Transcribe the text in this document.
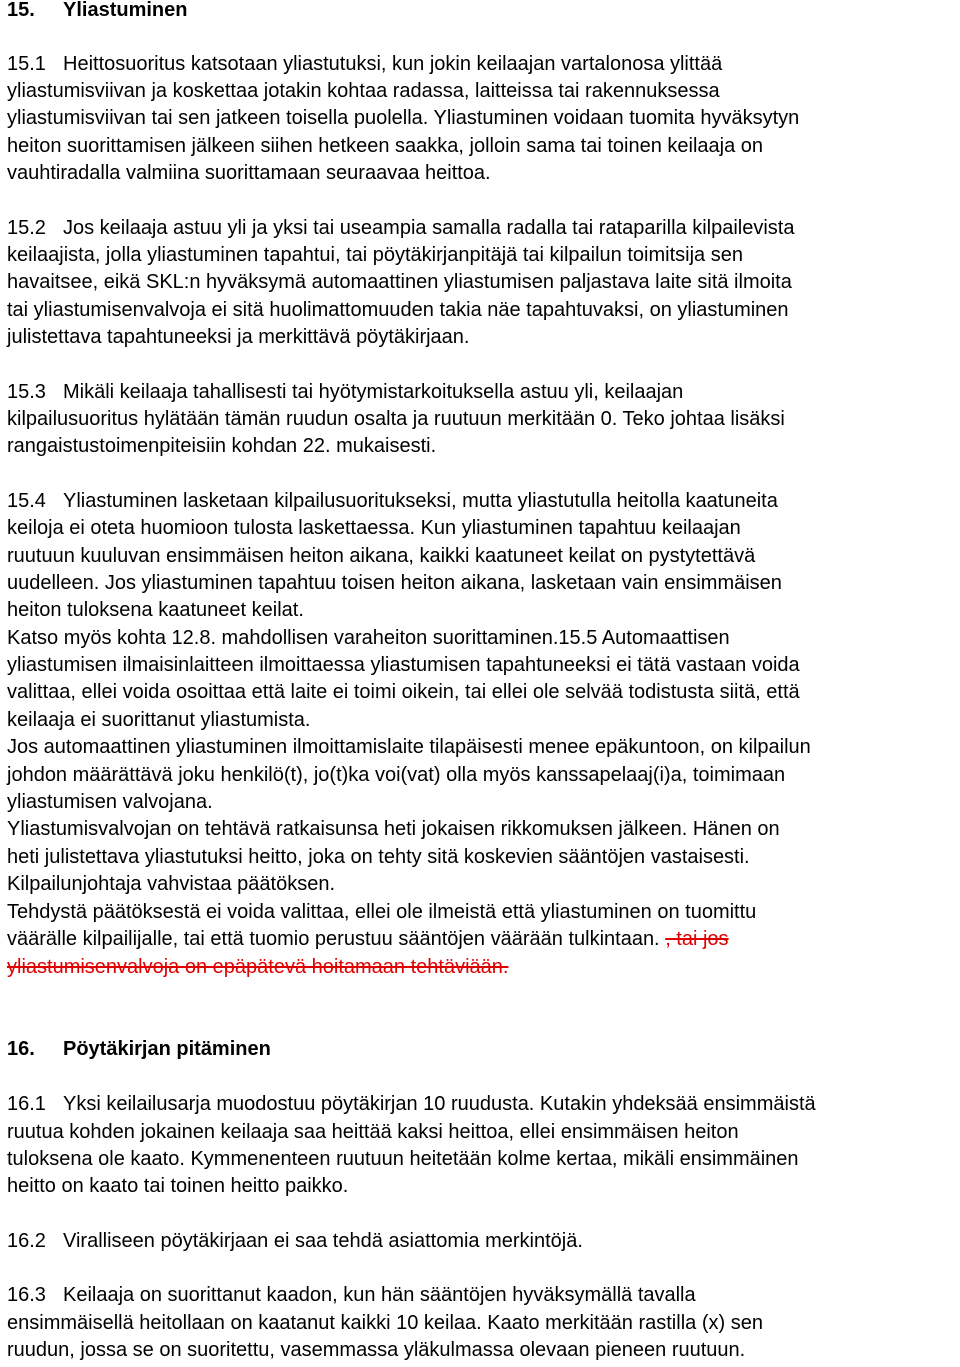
15. Yliastuminen
15.1 Heittosuoritus katsotaan yliastutuksi, kun jokin keilaajan vartalonosa ylittää
yliastumisviivan ja koskettaa jotakin kohtaa radassa, laitteissa tai rakennuksessa
yliastumisviivan tai sen jatkeen toisella puolella. Yliastuminen voidaan tuomita hyväksytyn
heiton suorittamisen jälkeen siihen hetkeen saakka, jolloin sama tai toinen keilaaja on
vauhtiradalla valmiina suorittamaan seuraavaa heittoa.
15.2 Jos keilaaja astuu yli ja yksi tai useampia samalla radalla tai rataparilla kilpailevista
keilaajista, jolla yliastuminen tapahtui, tai pöytäkirjanpitäjä tai kilpailun toimitsija sen
havaitsee, eikä SKL:n hyväksymä automaattinen yliastumisen paljastava laite sitä ilmoita
tai yliastumisenvalvoja ei sitä huolimattomuuden takia näe tapahtuvaksi, on yliastuminen
julistettava tapahtuneeksi ja merkittävä pöytäkirjaan.
15.3 Mikäli keilaaja tahallisesti tai hyötymistarkoituksella astuu yli, keilaajan
kilpailusuoritus hylätään tämän ruudun osalta ja ruutuun merkitään 0. Teko johtaa lisäksi
rangaistustoimenpiteisiin kohdan 22. mukaisesti.
15.4 Yliastuminen lasketaan kilpailusuoritukseksi, mutta yliastutulla heitolla kaatuneita
keiloja ei oteta huomioon tulosta laskettaessa. Kun yliastuminen tapahtuu keilaajan
ruutuun kuuluvan ensimmäisen heiton aikana, kaikki kaatuneet keilat on pystytettävä
uudelleen. Jos yliastuminen tapahtuu toisen heiton aikana, lasketaan vain ensimmäisen
heiton tuloksena kaatuneet keilat.
Katso myös kohta 12.8. mahdollisen varaheiton suorittaminen.15.5 Automaattisen
yliastumisen ilmaisinlaitteen ilmoittaessa yliastumisen tapahtuneeksi ei tätä vastaan voida
valittaa, ellei voida osoittaa että laite ei toimi oikein, tai ellei ole selvää todistusta siitä, että
keilaaja ei suorittanut yliastumista.
Jos automaattinen yliastuminen ilmoittamislaite tilapäisesti menee epäkuntoon, on kilpailun
johdon määrättävä joku henkilö(t), jo(t)ka voi(vat) olla myös kanssapelaaj(i)a, toimimaan
yliastumisen valvojana.
Yliastumisvalvojan on tehtävä ratkaisunsa heti jokaisen rikkomuksen jälkeen. Hänen on
heti julistettava yliastutuksi heitto, joka on tehty sitä koskevien sääntöjen vastaisesti.
Kilpailunjohtaja vahvistaa päätöksen.
Tehdystä päätöksestä ei voida valittaa, ellei ole ilmeistä että yliastuminen on tuomittu
väärälle kilpailijalle, tai että tuomio perustuu sääntöjen väärään tulkintaan. , tai jos
yliastumisenvalvoja on epäpätevä hoitamaan tehtäviään.
16. Pöytäkirjan pitäminen
16.1 Yksi keilailusarja muodostuu pöytäkirjan 10 ruudusta. Kutakin yhdeksää ensimmäistä
ruutua kohden jokainen keilaaja saa heittää kaksi heittoa, ellei ensimmäisen heiton
tuloksena ole kaato. Kymmenenteen ruutuun heitetään kolme kertaa, mikäli ensimmäinen
heitto on kaato tai toinen heitto paikko.
16.2 Viralliseen pöytäkirjaan ei saa tehdä asiattomia merkintöjä.
16.3 Keilaaja on suorittanut kaadon, kun hän sääntöjen hyväksymällä tavalla
ensimmäisellä heitollaan on kaatanut kaikki 10 keilaa. Kaato merkitään rastilla (x) sen
ruudun, jossa se on suoritettu, vasemmassa yläkulmassa olevaan pieneen ruutuun.
